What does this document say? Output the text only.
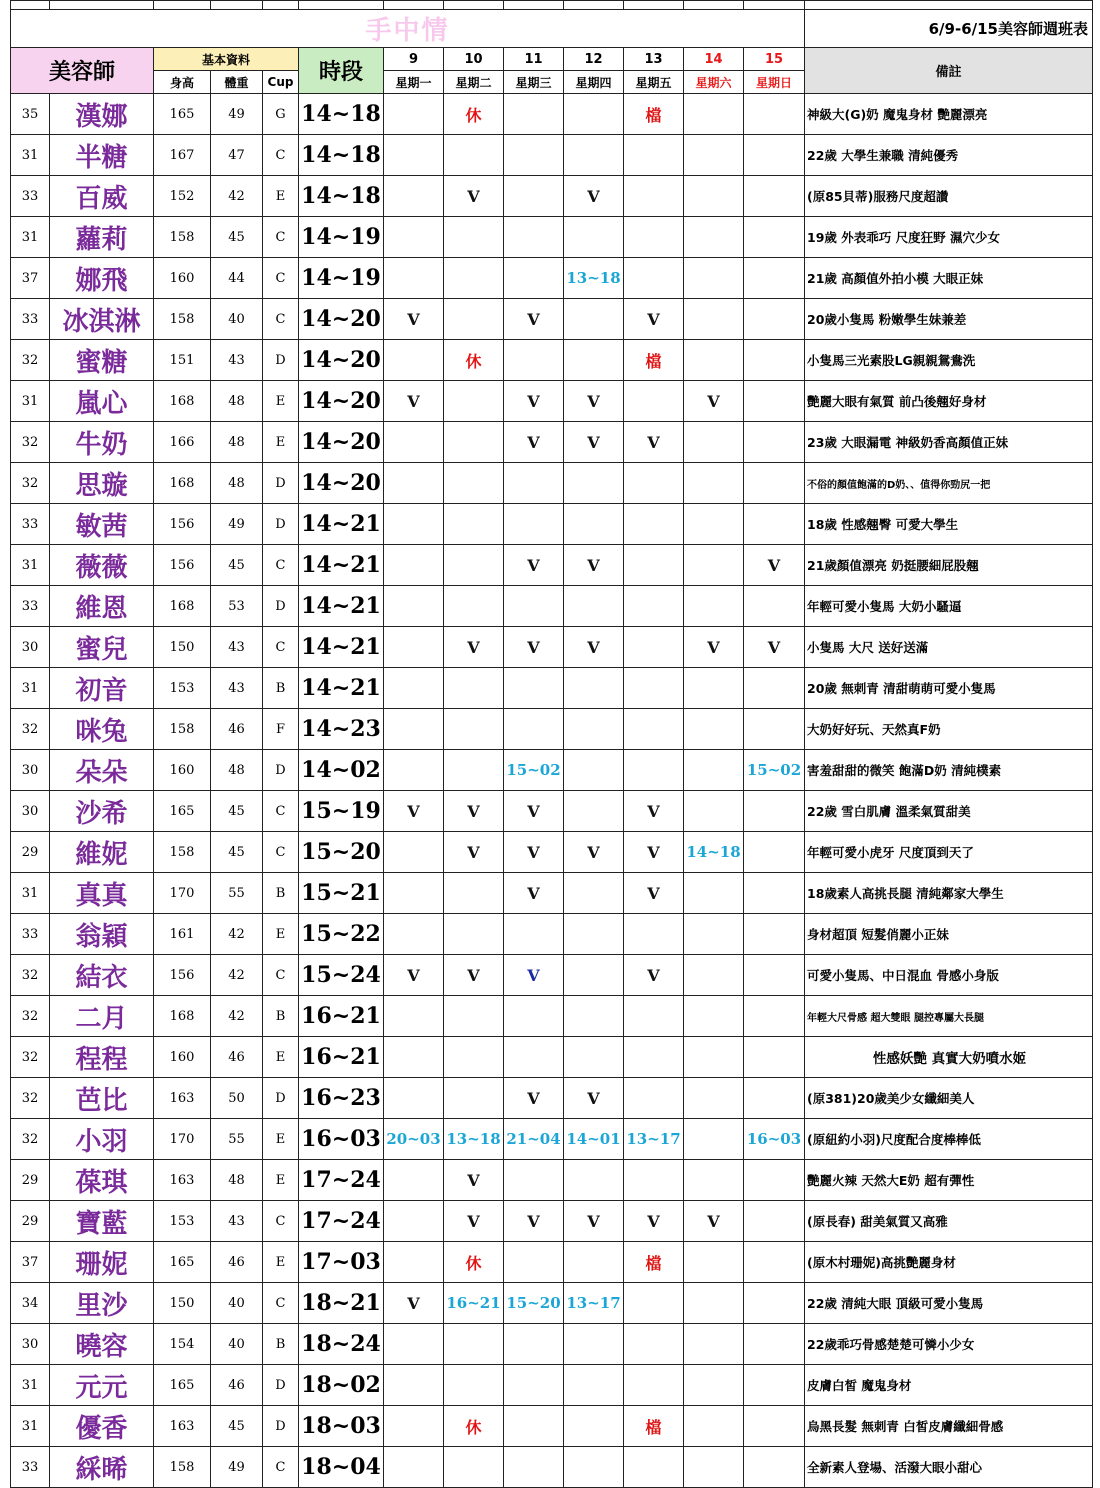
手中情													6/9-6/15美容師週班表
美容師		基本資料			時段	9	10	11	12	13	14	15	備註
		身高	體重	Cup		星期一	星期二	星期三	星期四	星期五	星期六	星期日	
35	漢娜	165	49	G	14~18		休			檔			神級大(G)奶 魔鬼身材 艷麗漂亮
31	半糖	167	47	C	14~18								22歲 大學生兼職 清純優秀
33	百威	152	42	E	14~18		V		V				(原85貝蒂)服務尺度超讚
31	蘿莉	158	45	C	14~19								19歲 外表乖巧 尺度狂野 濕穴少女
37	娜飛	160	44	C	14~19				13~18				21歲 高顏值外拍小模 大眼正妹
33	冰淇淋	158	40	C	14~20	V		V		V			20歲小隻馬 粉嫩學生妹兼差
32	蜜糖	151	43	D	14~20		休			檔			小隻馬三光素股LG親親鴛鴦洗
31	嵐心	168	48	E	14~20	V		V	V		V		艷麗大眼有氣質 前凸後翹好身材
32	牛奶	166	48	E	14~20			V	V	V			23歲 大眼漏電 神級奶香高顏值正妹
32	思璇	168	48	D	14~20								不俗的顏值飽滿的D奶、、值得你勁尻一把
33	敏茜	156	49	D	14~21								18歲 性感翹臀 可愛大學生
31	薇薇	156	45	C	14~21			V	V			V	21歲顏值漂亮 奶挺腰細屁股翹
33	維恩	168	53	D	14~21								年輕可愛小隻馬 大奶小騷逼
30	蜜兒	150	43	C	14~21		V	V	V		V	V	小隻馬 大尺 送好送滿
31	初音	153	43	B	14~21								20歲 無刺青 清甜萌萌可愛小隻馬
32	咪兔	158	46	F	14~23								大奶好好玩、天然真F奶
30	朵朵	160	48	D	14~02			15~02				15~02	害羞甜甜的微笑 飽滿D奶 清純樸素
30	沙希	165	45	C	15~19	V	V	V		V			22歲 雪白肌膚 溫柔氣質甜美
29	維妮	158	45	C	15~20		V	V	V	V	14~18		年輕可愛小虎牙 尺度頂到天了
31	真真	170	55	B	15~21			V		V			18歲素人高挑長腿 清純鄰家大學生
33	翁穎	161	42	E	15~22								身材超頂 短髮俏麗小正妹
32	結衣	156	42	C	15~24	V	V	V		V			可愛小隻馬、中日混血 骨感小身版
32	二月	168	42	B	16~21								年輕大尺骨感 超大雙眼 腿控專屬大長腿
32	程程	160	46	E	16~21								性感妖艷 真實大奶噴水姬
32	芭比	163	50	D	16~23			V	V				(原381)20歲美少女纖細美人
32	小羽	170	55	E	16~03	20~03	13~18	21~04	14~01	13~17		16~03	(原紐約小羽)尺度配合度棒棒低
29	葆琪	163	48	E	17~24		V						艷麗火辣 天然大E奶 超有彈性
29	寶藍	153	43	C	17~24		V	V	V	V	V		(原長春) 甜美氣質又高雅
37	珊妮	165	46	E	17~03		休			檔			(原木村珊妮)高挑艷麗身材
34	里沙	150	40	C	18~21	V	16~21	15~20	13~17				22歲 清純大眼 頂級可愛小隻馬
30	曉容	154	40	B	18~24								22歲乖巧骨感楚楚可憐小少女
31	元元	165	46	D	18~02								皮膚白皙 魔鬼身材
31	優香	163	45	D	18~03		休			檔			烏黑長髮 無刺青 白皙皮膚纖細骨感
33	綵晞	158	49	C	18~04								全新素人登場、活潑大眼小甜心
